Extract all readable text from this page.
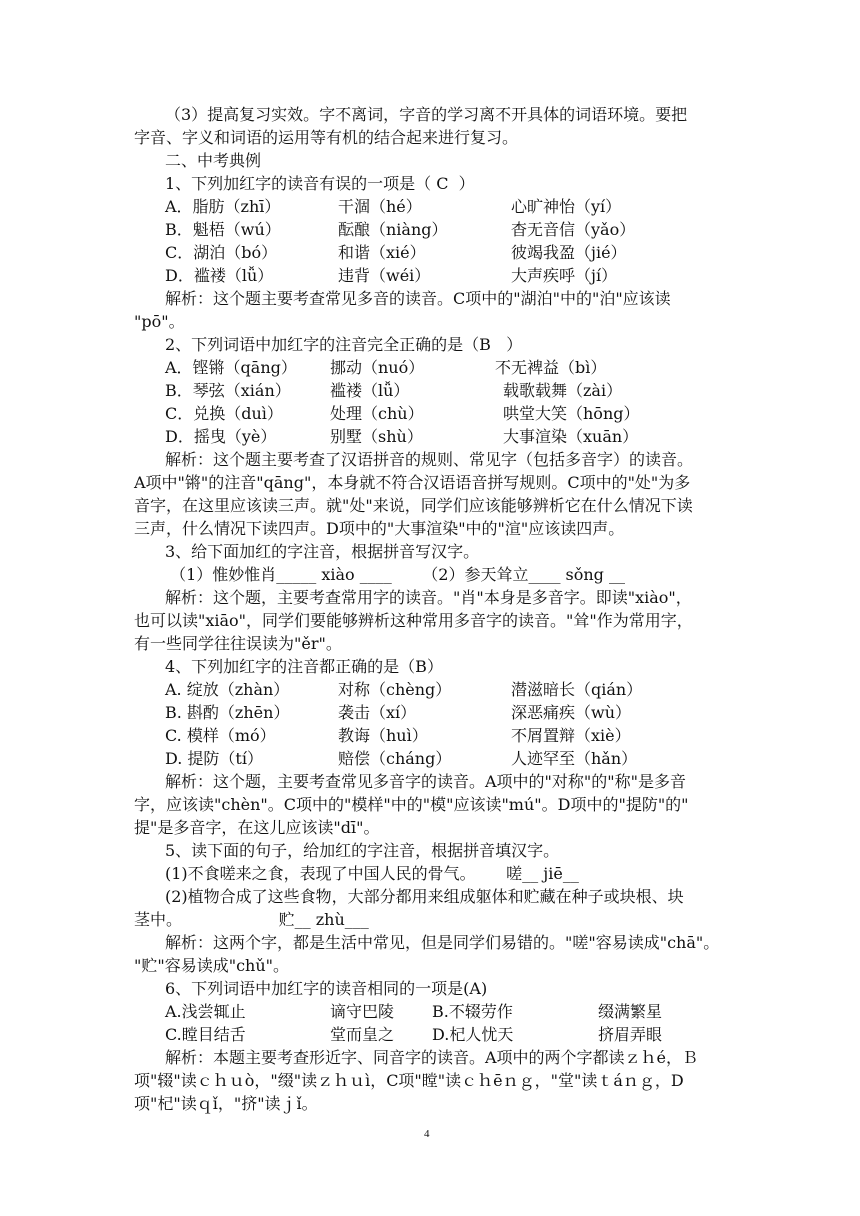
（3）提高复习实效。字不离词，字音的学习离不开具体的词语环境。要把
字音、字义和词语的运用等有机的结合起来进行复习。
二、中考典例
1、下列加红字的读音有误的一项是（ C  ）
A．脂肪（zhī）	干涸（hé）	心旷神怡（yí）
B．魁梧（wú）	酝酿（niàng）	杳无音信（yǎo）
C．湖泊（bó）	和谐（xié）	彼竭我盈（jié）
D．褴褛（lǚ）	违背（wéi）	大声疾呼（jí）
解析：这个题主要考查常见多音的读音。C项中的"湖泊"中的"泊"应该读
"pō"。
2、下列词语中加红字的注音完全正确的是（B   ）
A．铿锵（qāng） 挪动（nuó）	不无裨益（bì）
B．琴弦（xián） 褴褛（lǚ）	载歌载舞（zài）
C．兑换（duì）	处理（chù）	哄堂大笑（hōng）
D．摇曳（yè）	别墅（shù）	大事渲染（xuān）
解析：这个题主要考查了汉语拼音的规则、常见字（包括多音字）的读音。
A项中"锵"的注音"qāng"，本身就不符合汉语语音拼写规则。C项中的"处"为多
音字，在这里应该读三声。就"处"来说，同学们应该能够辨析它在什么情况下读
三声，什么情况下读四声。D项中的"大事渲染"中的"渲"应该读四声。
3、给下面加红的字注音，根据拼音写汉字。
（1）惟妙惟肖_____ xiào ____      （2）参天耸立____ sǒng __
解析：这个题，主要考查常用字的读音。"肖"本身是多音字。即读"xiào"，
也可以读"xiāo"，同学们要能够辨析这种常用多音字的读音。"耸"作为常用字，
有一些同学往往误读为"ěr"。
4、下列加红字的注音都正确的是（B）
A. 绽放（zhàn）	对称（chèng）	潜滋暗长（qián）
B. 斟酌（zhēn）	袭击（xí）	深恶痛疾（wù）
C. 模样（mó）	教诲（huì）	不屑置辩（xiè）
D. 提防（tí）	赔偿（cháng）	人迹罕至（hǎn）
解析：这个题，主要考查常见多音字的读音。A项中的"对称"的"称"是多音
字，应该读"chèn"。C项中的"模样"中的"模"应该读"mú"。D项中的"提防"的"
提"是多音字，在这儿应该读"dī"。
5、读下面的句子，给加红的字注音，根据拼音填汉字。
(1)不食嗟来之食，表现了中国人民的骨气。      嗟__ jiē__
(2)植物合成了这些食物，大部分都用来组成躯体和贮藏在种子或块根、块
茎中。                   贮__ zhù___
解析：这两个字，都是生活中常见，但是同学们易错的。"嗟"容易读成"chā"。
"贮"容易读成"chǔ"。
6、下列词语中加红字的读音相同的一项是(A)
A.浅尝辄止	谪守巴陵 B.不辍劳作	缀满繁星
C.瞠目结舌	堂而皇之 D.杞人忧天	挤眉弄眼
解析：本题主要考查形近字、同音字的读音。A项中的两个字都读ｚｈé，Ｂ
项"辍"读ｃｈｕò，"缀"读ｚｈｕì，C项"瞠"读ｃｈēｎｇ，"堂"读ｔáｎｇ，D
项"杞"读ｑǐ，"挤"读ｊǐ。
4
